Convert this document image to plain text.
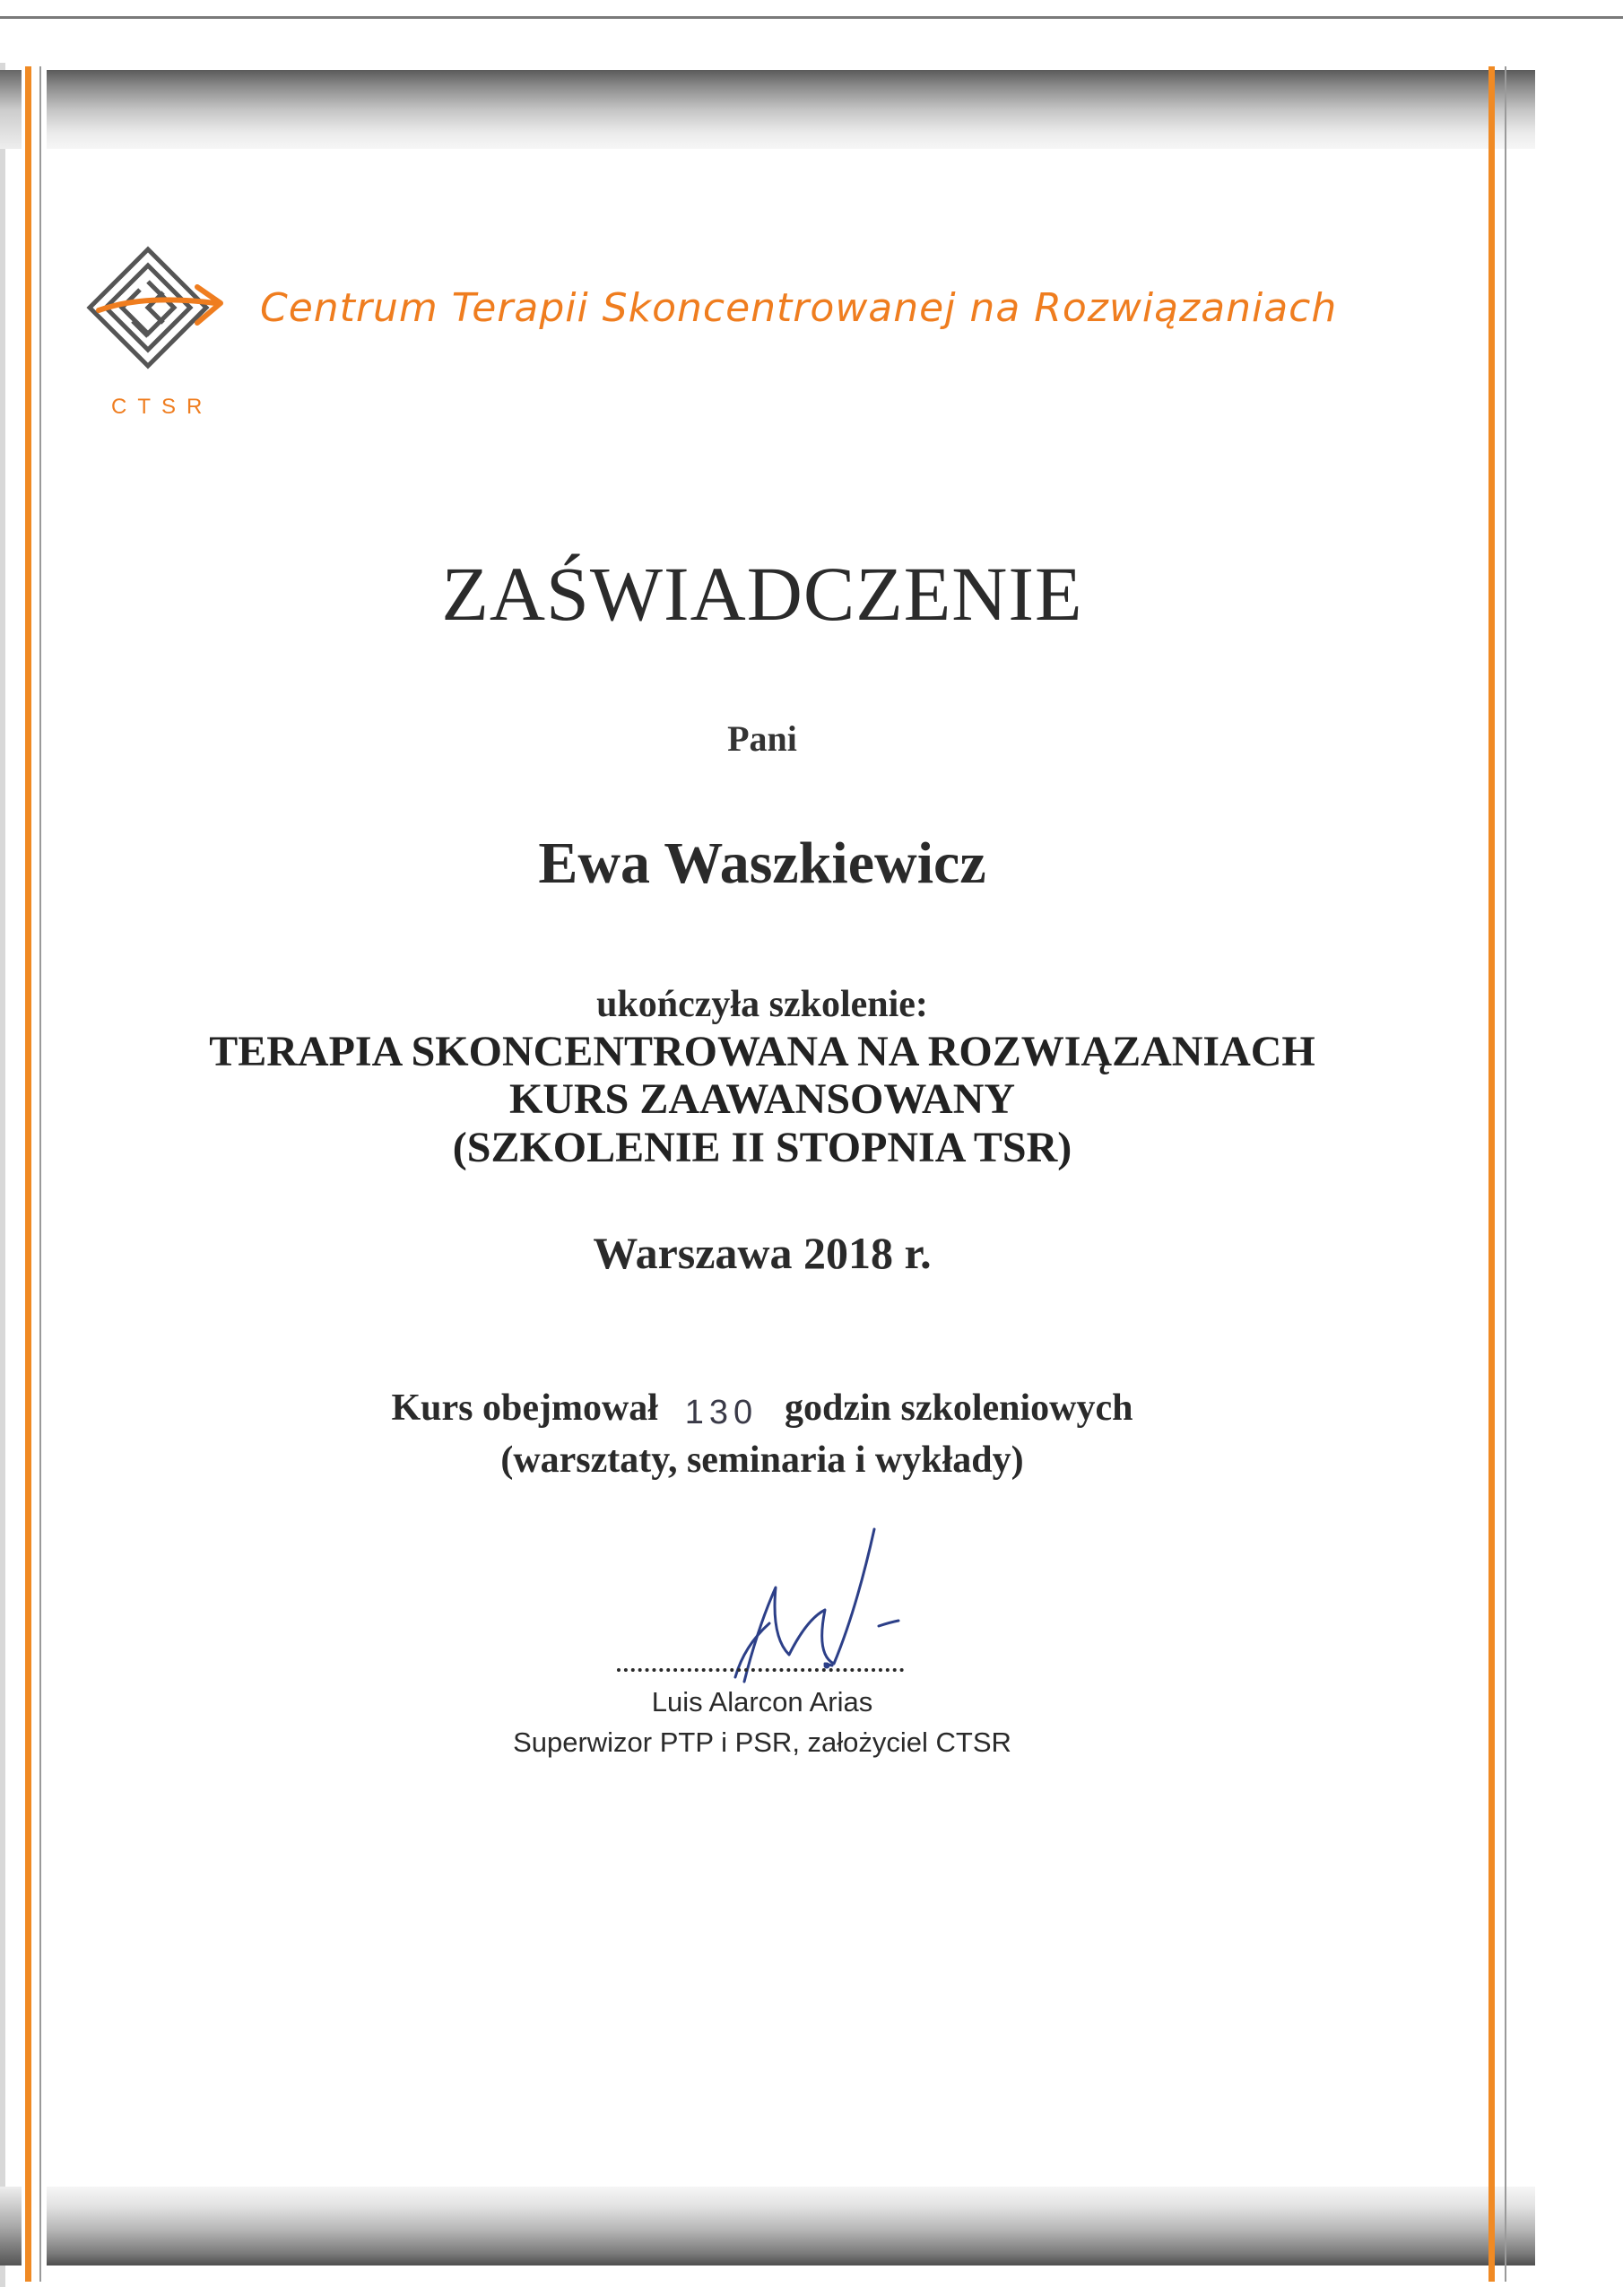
CTSR
Centrum Terapii Skoncentrowanej na Rozwiązaniach
ZAŚWIADCZENIE
Pani
Ewa Waszkiewicz
ukończyła szkolenie:
TERAPIA SKONCENTROWANA NA ROZWIĄZANIACH
KURS ZAAWANSOWANY
(SZKOLENIE II STOPNIA TSR)
Warszawa 2018 r.
Kurs obejmował 130 godzin szkoleniowych
(warsztaty, seminaria i wykłady)
Luis Alarcon Arias
Superwizor PTP i PSR, założyciel CTSR
